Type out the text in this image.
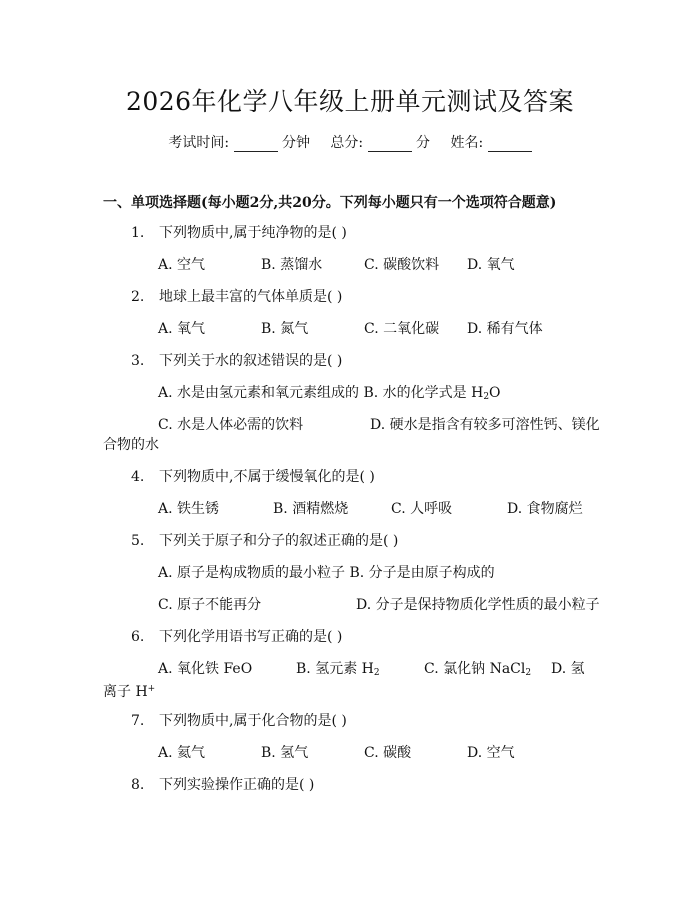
2026年化学八年级上册单元测试及答案
考试时间:	分钟 总分:	分 姓名:
一、单项选择题(每小题2分,共20分。下列每小题只有一个选项符合题意)
1. 下列物质中,属于纯净物的是( )
A. 空气	B. 蒸馏水	C. 碳酸饮料 D. 氧气
2. 地球上最丰富的气体单质是( )
A. 氧气	B. 氮气	C. 二氧化碳 D. 稀有气体
3. 下列关于水的叙述错误的是( )
A. 水是由氢元素和氧元素组成的 B. 水的化学式是 $H_2O$
C. 水是人体必需的饮料	D. 硬水是指含有较多可溶性钙、镁化
合物的水
4. 下列物质中,不属于缓慢氧化的是( )
A. 铁生锈	B. 酒精燃烧	C. 人呼吸	D. 食物腐烂
5. 下列关于原子和分子的叙述正确的是( )
A. 原子是构成物质的最小粒子 B. 分子是由原子构成的
C. 原子不能再分	D. 分子是保持物质化学性质的最小粒子
6. 下列化学用语书写正确的是( )
A. 氧化铁 FeO	B. 氢元素 $H_2$	C. 氯化钠 NaCl$_2$ D. 氢
离子 H+
7. 下列物质中,属于化合物的是( )
A. 氦气	B. 氢气	C. 碳酸	D. 空气
8. 下列实验操作正确的是( )
